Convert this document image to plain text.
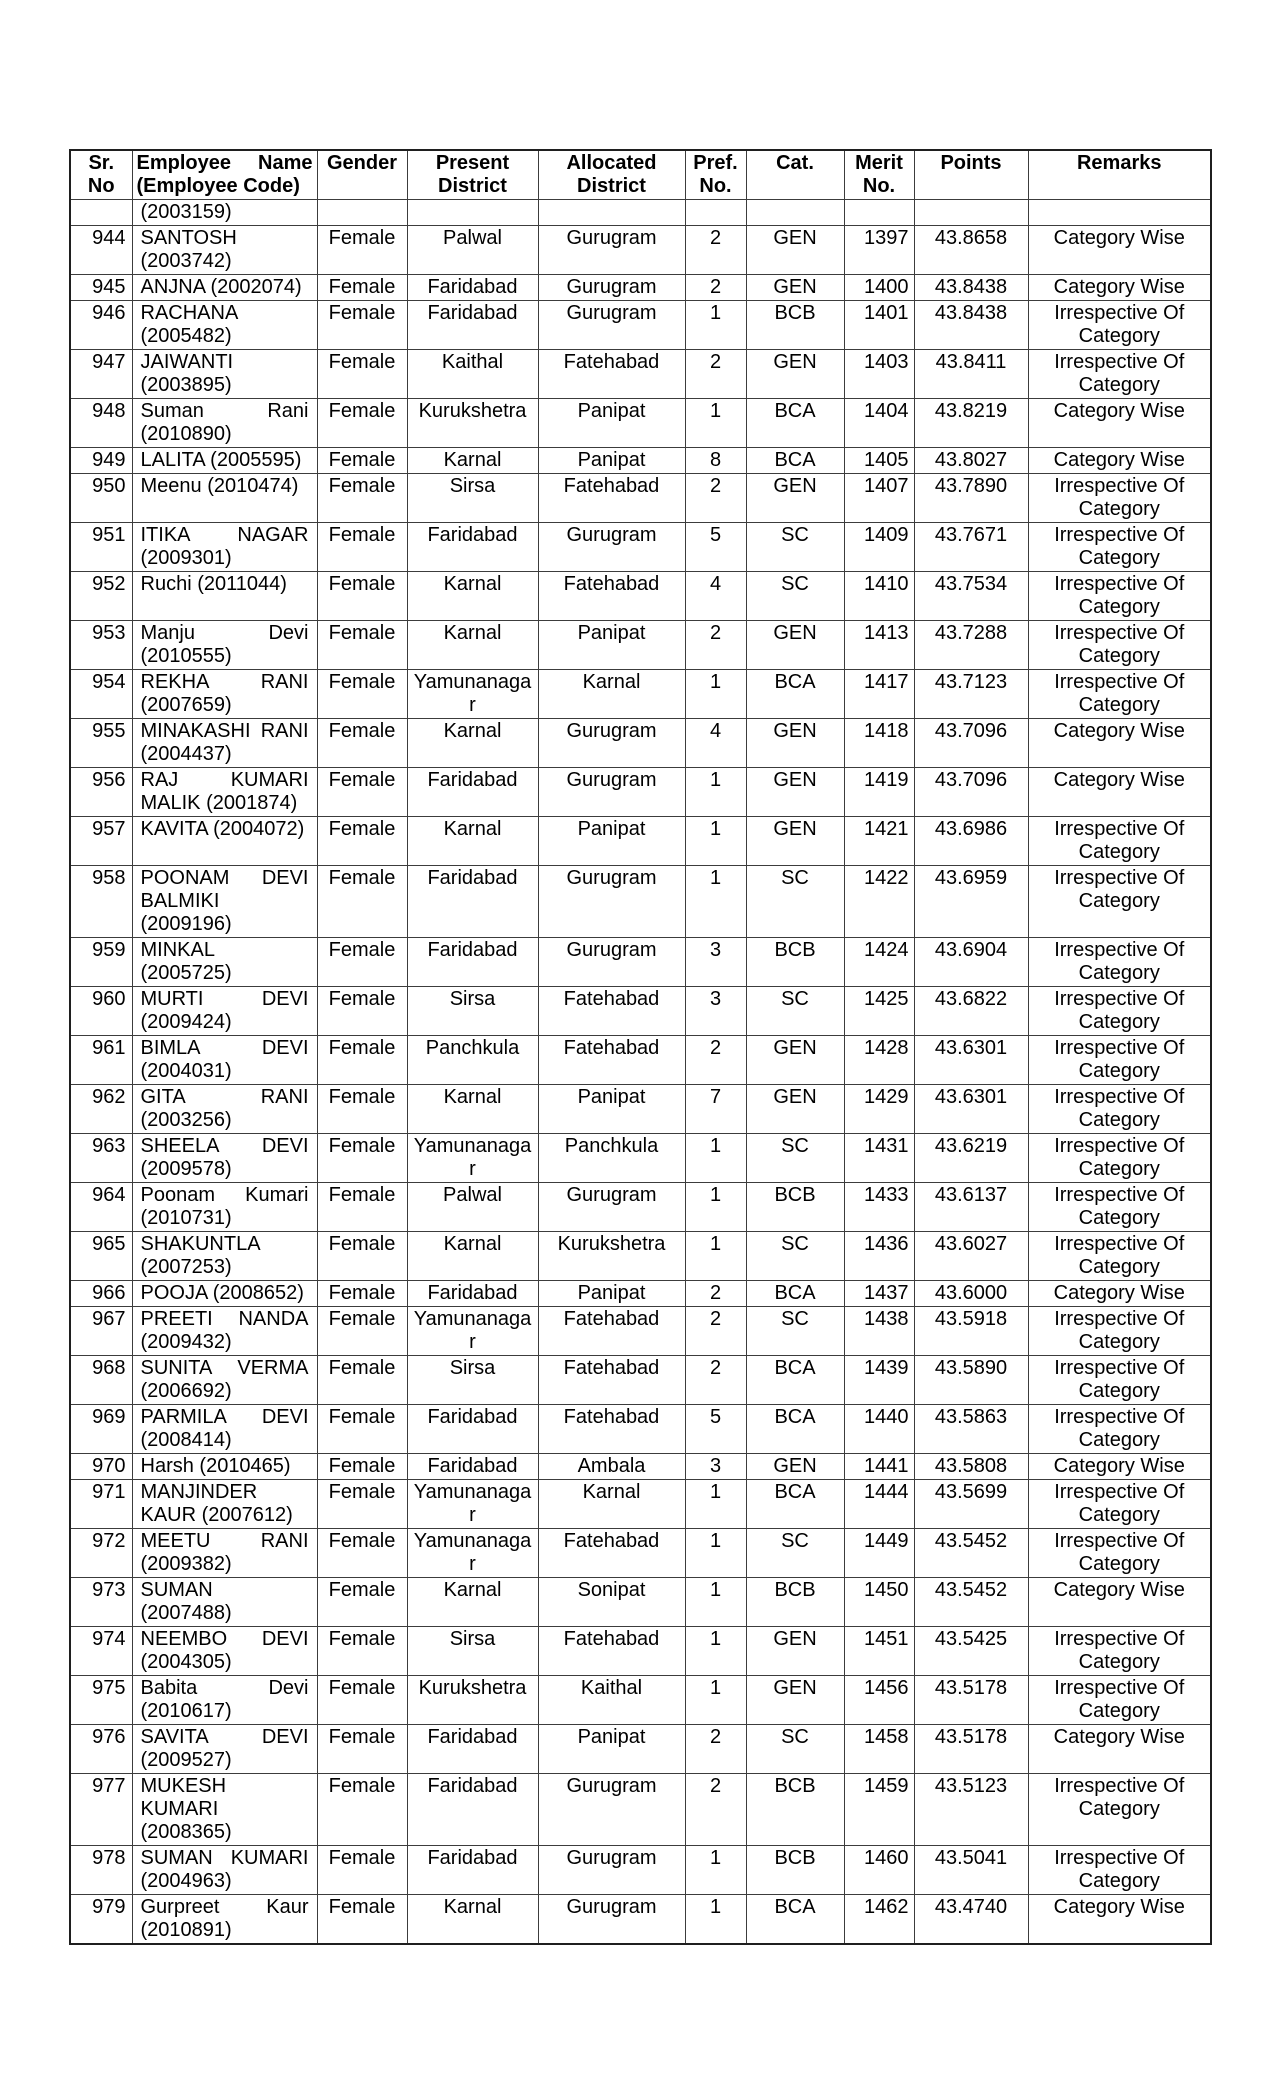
Sr. No	Employee Name (Employee Code)	Gender	Present District	Allocated District	Pref. No.	Cat.	Merit No.	Points	Remarks
	(2003159)								
944	SANTOSH (2003742)	Female	Palwal	Gurugram	2	GEN	1397	43.8658	Category Wise
945	ANJNA (2002074)	Female	Faridabad	Gurugram	2	GEN	1400	43.8438	Category Wise
946	RACHANA (2005482)	Female	Faridabad	Gurugram	1	BCB	1401	43.8438	Irrespective Of Category
947	JAIWANTI (2003895)	Female	Kaithal	Fatehabad	2	GEN	1403	43.8411	Irrespective Of Category
948	Suman Rani (2010890)	Female	Kurukshetra	Panipat	1	BCA	1404	43.8219	Category Wise
949	LALITA (2005595)	Female	Karnal	Panipat	8	BCA	1405	43.8027	Category Wise
950	Meenu (2010474)	Female	Sirsa	Fatehabad	2	GEN	1407	43.7890	Irrespective Of Category
951	ITIKA NAGAR (2009301)	Female	Faridabad	Gurugram	5	SC	1409	43.7671	Irrespective Of Category
952	Ruchi (2011044)	Female	Karnal	Fatehabad	4	SC	1410	43.7534	Irrespective Of Category
953	Manju Devi (2010555)	Female	Karnal	Panipat	2	GEN	1413	43.7288	Irrespective Of Category
954	REKHA RANI (2007659)	Female	Yamunanagar	Karnal	1	BCA	1417	43.7123	Irrespective Of Category
955	MINAKASHI RANI (2004437)	Female	Karnal	Gurugram	4	GEN	1418	43.7096	Category Wise
956	RAJ KUMARI MALIK (2001874)	Female	Faridabad	Gurugram	1	GEN	1419	43.7096	Category Wise
957	KAVITA (2004072)	Female	Karnal	Panipat	1	GEN	1421	43.6986	Irrespective Of Category
958	POONAM DEVI BALMIKI (2009196)	Female	Faridabad	Gurugram	1	SC	1422	43.6959	Irrespective Of Category
959	MINKAL (2005725)	Female	Faridabad	Gurugram	3	BCB	1424	43.6904	Irrespective Of Category
960	MURTI DEVI (2009424)	Female	Sirsa	Fatehabad	3	SC	1425	43.6822	Irrespective Of Category
961	BIMLA DEVI (2004031)	Female	Panchkula	Fatehabad	2	GEN	1428	43.6301	Irrespective Of Category
962	GITA RANI (2003256)	Female	Karnal	Panipat	7	GEN	1429	43.6301	Irrespective Of Category
963	SHEELA DEVI (2009578)	Female	Yamunanagar	Panchkula	1	SC	1431	43.6219	Irrespective Of Category
964	Poonam Kumari (2010731)	Female	Palwal	Gurugram	1	BCB	1433	43.6137	Irrespective Of Category
965	SHAKUNTLA (2007253)	Female	Karnal	Kurukshetra	1	SC	1436	43.6027	Irrespective Of Category
966	POOJA (2008652)	Female	Faridabad	Panipat	2	BCA	1437	43.6000	Category Wise
967	PREETI NANDA (2009432)	Female	Yamunanagar	Fatehabad	2	SC	1438	43.5918	Irrespective Of Category
968	SUNITA VERMA (2006692)	Female	Sirsa	Fatehabad	2	BCA	1439	43.5890	Irrespective Of Category
969	PARMILA DEVI (2008414)	Female	Faridabad	Fatehabad	5	BCA	1440	43.5863	Irrespective Of Category
970	Harsh (2010465)	Female	Faridabad	Ambala	3	GEN	1441	43.5808	Category Wise
971	MANJINDER KAUR (2007612)	Female	Yamunanagar	Karnal	1	BCA	1444	43.5699	Irrespective Of Category
972	MEETU RANI (2009382)	Female	Yamunanagar	Fatehabad	1	SC	1449	43.5452	Irrespective Of Category
973	SUMAN (2007488)	Female	Karnal	Sonipat	1	BCB	1450	43.5452	Category Wise
974	NEEMBO DEVI (2004305)	Female	Sirsa	Fatehabad	1	GEN	1451	43.5425	Irrespective Of Category
975	Babita Devi (2010617)	Female	Kurukshetra	Kaithal	1	GEN	1456	43.5178	Irrespective Of Category
976	SAVITA DEVI (2009527)	Female	Faridabad	Panipat	2	SC	1458	43.5178	Category Wise
977	MUKESH KUMARI (2008365)	Female	Faridabad	Gurugram	2	BCB	1459	43.5123	Irrespective Of Category
978	SUMAN KUMARI (2004963)	Female	Faridabad	Gurugram	1	BCB	1460	43.5041	Irrespective Of Category
979	Gurpreet Kaur (2010891)	Female	Karnal	Gurugram	1	BCA	1462	43.4740	Category Wise
